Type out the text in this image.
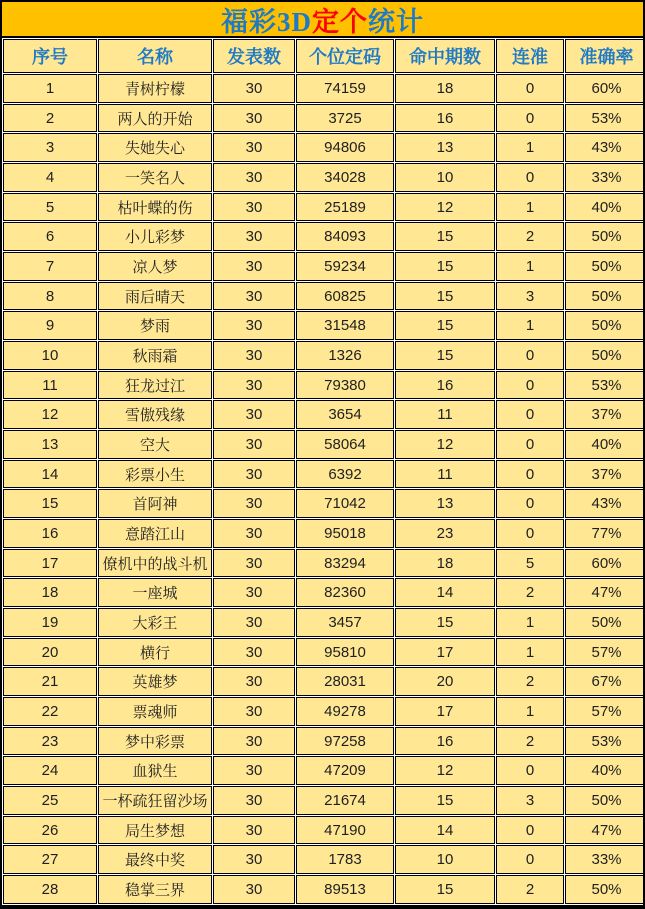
福彩3D 定个 统计
序号	名称	发表数	个位定码	命中期数	连准	准确率
1	青树柠檬	30	74159	18	0	60%
2	两人的开始	30	3725	16	0	53%
3	失她失心	30	94806	13	1	43%
4	一笑名人	30	34028	10	0	33%
5	枯叶蝶的伤	30	25189	12	1	40%
6	小儿彩梦	30	84093	15	2	50%
7	凉人梦	30	59234	15	1	50%
8	雨后晴天	30	60825	15	3	50%
9	梦雨	30	31548	15	1	50%
10	秋雨霜	30	1326	15	0	50%
11	狂龙过江	30	79380	16	0	53%
12	雪傲残缘	30	3654	11	0	37%
13	空大	30	58064	12	0	40%
14	彩票小生	30	6392	11	0	37%
15	首阿神	30	71042	13	0	43%
16	意踏江山	30	95018	23	0	77%
17	僚机中的战斗机	30	83294	18	5	60%
18	一座城	30	82360	14	2	47%
19	大彩王	30	3457	15	1	50%
20	横行	30	95810	17	1	57%
21	英雄梦	30	28031	20	2	67%
22	票魂师	30	49278	17	1	57%
23	梦中彩票	30	97258	16	2	53%
24	血狱生	30	47209	12	0	40%
25	一杯疏狂留沙场	30	21674	15	3	50%
26	局生梦想	30	47190	14	0	47%
27	最终中奖	30	1783	10	0	33%
28	稳掌三界	30	89513	15	2	50%
